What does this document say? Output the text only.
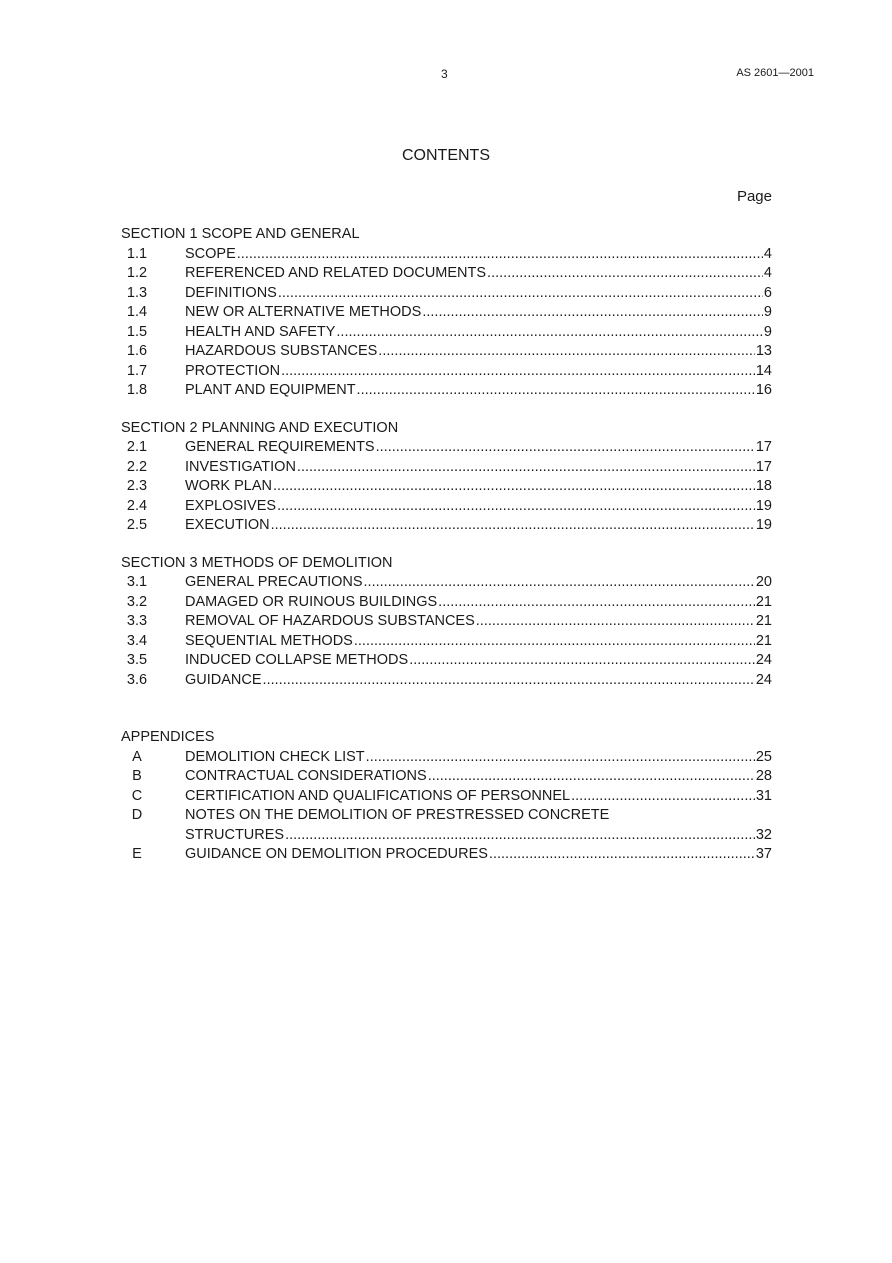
3	AS 2601—2001
CONTENTS
Page
SECTION 1 SCOPE AND GENERAL
1.1	SCOPE .....	4
1.2	REFERENCED AND RELATED DOCUMENTS .....	4
1.3	DEFINITIONS .....	6
1.4	NEW OR ALTERNATIVE METHODS .....	9
1.5	HEALTH AND SAFETY .....	9
1.6	HAZARDOUS SUBSTANCES .....	13
1.7	PROTECTION .....	14
1.8	PLANT AND EQUIPMENT .....	16
SECTION 2 PLANNING AND EXECUTION
2.1	GENERAL REQUIREMENTS .....	17
2.2	INVESTIGATION .....	17
2.3	WORK PLAN .....	18
2.4	EXPLOSIVES .....	19
2.5	EXECUTION .....	19
SECTION 3 METHODS OF DEMOLITION
3.1	GENERAL PRECAUTIONS .....	20
3.2	DAMAGED OR RUINOUS BUILDINGS .....	21
3.3	REMOVAL OF HAZARDOUS SUBSTANCES .....	21
3.4	SEQUENTIAL METHODS .....	21
3.5	INDUCED COLLAPSE METHODS .....	24
3.6	GUIDANCE .....	24
APPENDICES
A	DEMOLITION CHECK LIST .....	25
B	CONTRACTUAL CONSIDERATIONS .....	28
C	CERTIFICATION AND QUALIFICATIONS OF PERSONNEL .....	31
D	NOTES ON THE DEMOLITION OF PRESTRESSED CONCRETE
STRUCTURES .....	32
E	GUIDANCE ON DEMOLITION PROCEDURES .....	37
